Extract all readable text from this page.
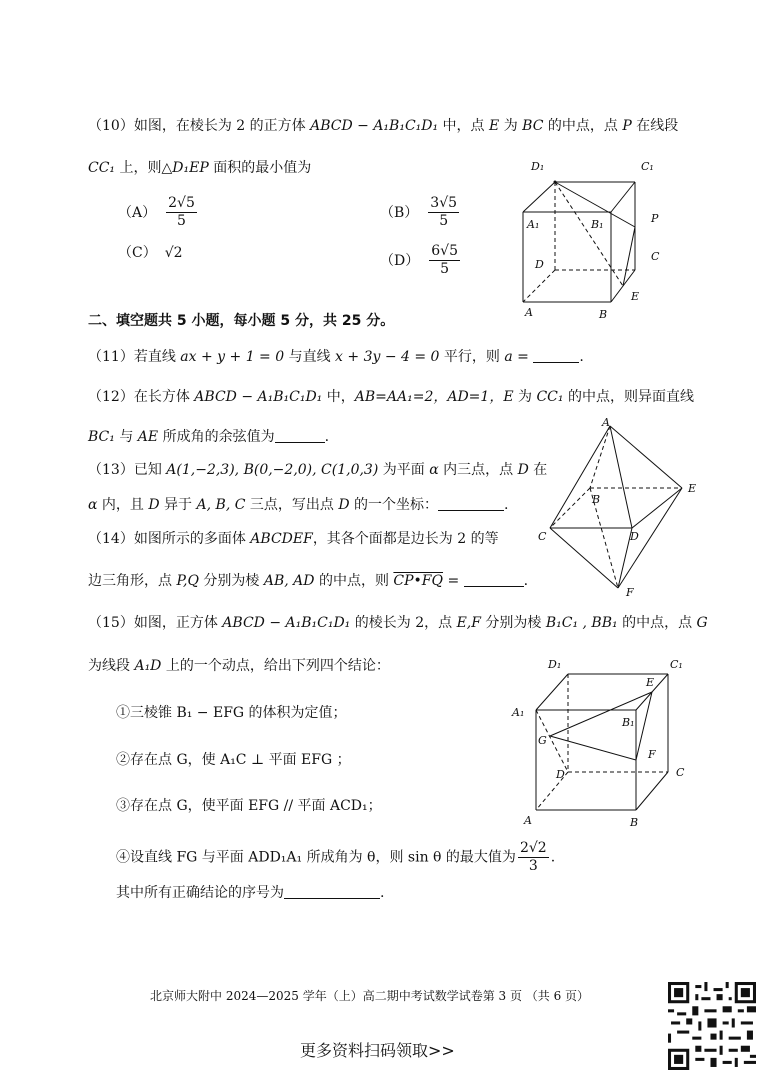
（10）如图，在棱长为 2 的正方体 ABCD − A₁B₁C₁D₁ 中，点 E 为 BC 的中点，点 P 在线段
CC₁ 上，则△D₁EP 面积的最小值为
$(A) \frac{2√5}{5}$	$(B) \frac{3√5}{5}$
（C） √2	$(D) \frac{6√5}{5}$
D₁	C₁
A₁	B₁	P
D
C
E
A	B
二、填空题共 5 小题，每小题 5 分，共 25 分。
（11）若直线 ax + y + 1 = 0 与直线 x + 3y − 4 = 0 平行，则 a =	.
（12）在长方体 ABCD − A₁B₁C₁D₁ 中，AB=AA₁=2，AD=1，E 为 CC₁ 的中点，则异面直线
BC₁ 与 AE 所成角的余弦值为	.
（13）已知 A(1,−2,3), B(0,−2,0), C(1,0,3) 为平面 α 内三点，点 D 在
α 内，且 D 异于 A, B, C 三点，写出点 D 的一个坐标：	.
（14）如图所示的多面体 ABCDEF，其各个面都是边长为 2 的等
边三角形，点 P,Q 分别为棱 AB, AD 的中点，则 CP•FQ =	.
A
B
C	D
E
F
（15）如图，正方体 ABCD − A₁B₁C₁D₁ 的棱长为 2，点 E,F 分别为棱 B₁C₁ , BB₁ 的中点，点 G
为线段 A₁D 上的一个动点，给出下列四个结论：
①三棱锥 B₁ − EFG 的体积为定值；
②存在点 G，使 A₁C ⊥ 平面 EFG ；
③存在点 G，使平面 EFG // 平面 ACD₁；
④设直线 FG 与平面 ADD₁A₁ 所成角为 θ，则 sin θ 的最大值为 $\frac{2√2}{3}$ .
其中所有正确结论的序号为	.
D₁	C₁
E
A₁
B₁
G
F
D	C
A	B
北京师大附中 2024—2025 学年（上）高二期中考试数学试卷第 3 页 （共 6 页）
更多资料扫码领取>>
